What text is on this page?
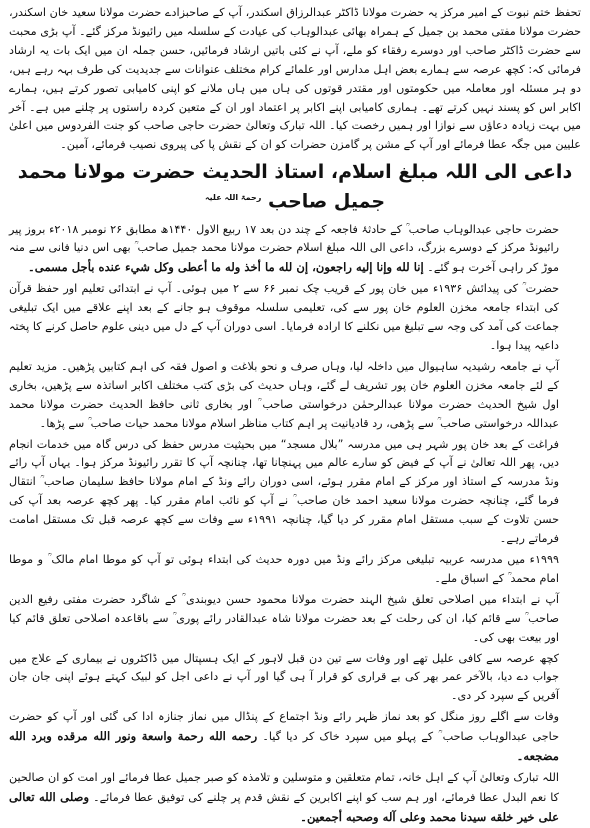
تحفظ ختم نبوت کے امیر مرکز یہ حضرت مولانا ڈاکٹر عبدالرزاق اسکندر، آپ کے صاحبزادے حضرت مولانا سعید خان اسکندر، حضرت مولانا مفتی محمد بن جمیل کے ہمراہ بھائی عبدالوہاب کی عیادت کے سلسلہ میں رائیونڈ مرکز گئے۔ آپ بڑی محبت سے حضرت ڈاکٹر صاحب اور دوسرے رفقاء کو ملے، آپ نے کئی باتیں ارشاد فرمائیں، حسن جملہ ان میں ایک بات یہ ارشاد فرمائی کہ: کچھ عرصہ سے ہمارے بعض اہل مدارس اور علمائے کرام مختلف عنوانات سے جدیدیت کی طرف بہہ رہے ہیں، دو ہر مسئلہ اور معاملہ میں حکومتوں اور مقتدر قوتوں کی ہاں میں ہاں ملانے کو اپنی کامیابی تصور کرتے ہیں، ہمارے اکابر اس کو پسند نہیں کرتے تھے۔ ہماری کامیابی اپنے اکابر پر اعتماد اور ان کے متعین کردہ راستوں پر چلنے میں ہے۔ آخر میں بہت زیادہ دعاؤں سے نوازا اور ہمیں رخصت کیا۔ اللہ تبارک وتعالیٰ حضرت حاجی صاحب کو جنت الفردوس میں اعلیٰ علیین میں جگہ عطا فرمائے اور آپ کے مشن پر گامزن حضرات کو ان کے نقش پا کی پیروی نصیب فرمائے، آمین۔

داعی الی اللہ مبلغ اسلام، استاذ الحدیث حضرت مولانا محمد جمیل صاحب $^{رحمۃ اللہ علیہ}$

حضرت حاجی عبدالوہاب صاحب ؒ کے حادثۂ فاجعہ کے چند دن بعد ۱۷ ربیع الاول ۱۴۴۰ھ مطابق ۲۶ نومبر ۲۰۱۸ء بروز پیر رائیونڈ مرکز کے دوسرے بزرگ، داعی الی اللہ مبلغ اسلام حضرت مولانا محمد جمیل صاحب ؒ بھی اس دنیا فانی سے منہ موڑ کر راہی آخرت ہو گئے۔ إنا لله وإنا إليه راجعون، إن لله ما أخذ وله ما أعطى وكل شيء عنده بأجل مسمى۔

حضرت ؒ کی پیدائش ۱۹۳۶ء میں خان پور کے قریب چک نمبر ۶۶ سے ۲ میں ہوئی۔ آپ نے ابتدائی تعلیم اور حفظ قرآن کی ابتداء جامعہ مخزن العلوم خان پور سے کی، تعلیمی سلسلہ موقوف ہو جانے کے بعد اپنے علاقے میں ایک تبلیغی جماعت کی آمد کی وجہ سے تبلیغ میں نکلنے کا ارادہ فرمایا۔ اسی دوران آپ کے دل میں دینی علوم حاصل کرنے کا پختہ داعیہ پیدا ہوا۔

آپ نے جامعہ رشیدیہ ساہیوال میں داخلہ لیا، وہاں صرف و نحو بلاغت و اصول فقہ کی اہم کتابیں پڑھیں۔ مزید تعلیم کے لئے جامعہ مخزن العلوم خان پور تشریف لے گئے، وہاں حدیث کی بڑی کتب مختلف اکابر اساتذہ سے پڑھیں، بخاری اول شیخ الحدیث حضرت مولانا عبدالرحمٰن درخواستی صاحب ؒ اور بخاری ثانی حافظ الحدیث حضرت مولانا محمد عبداللہ درخواستی صاحب ؒ سے پڑھی، رد قادیانیت پر اہم کتاب مناظر اسلام مولانا محمد حیات صاحب ؒ سے پڑھا۔

فراغت کے بعد خان پور شہر ہی میں مدرسہ ”بلال مسجد“ میں بحیثیت مدرس حفظ کی درس گاہ میں خدمات انجام دیں، پھر اللہ تعالیٰ نے آپ کے فیض کو سارے عالم میں پہنچانا تھا، چنانچہ آپ کا تقرر رائیونڈ مرکز ہوا۔ یہاں آپ رائے ونڈ مدرسہ کے استاذ اور مرکز کے امام مقرر ہوئے، اسی دوران رائے ونڈ کے امام مولانا حافظ سلیمان صاحب ؒ انتقال فرما گئے، چنانچہ حضرت مولانا سعید احمد خان صاحب ؒ نے آپ کو نائب امام مقرر کیا۔ پھر کچھ عرصہ بعد آپ کی حسن تلاوت کے سبب مستقل امام مقرر کر دیا گیا، چنانچہ ۱۹۹۱ء سے وفات سے کچھ عرصہ قبل تک مستقل امامت فرماتے رہے۔

۱۹۹۹ء میں مدرسہ عربیہ تبلیغی مرکز رائے ونڈ میں دورہ حدیث کی ابتداء ہوئی تو آپ کو موطا امام مالک ؒ و موطا امام محمد ؒ کے اسباق ملے۔

آپ نے ابتداء میں اصلاحی تعلق شیخ الہند حضرت مولانا محمود حسن دیوبندی ؒ کے شاگرد حضرت مفتی رفیع الدین صاحب ؒ سے قائم کیا، ان کی رحلت کے بعد حضرت مولانا شاہ عبدالقادر رائے پوری ؒ سے باقاعدہ اصلاحی تعلق قائم کیا اور بیعت بھی کی۔

کچھ عرصہ سے کافی علیل تھے اور وفات سے تین دن قبل لاہور کے ایک ہسپتال میں ڈاکٹروں نے بیماری کے علاج میں جواب دے دیا، بالآخر عمر بھر کی بے قراری کو قرار آ ہی گیا اور آپ نے داعی اجل کو لبیک کہتے ہوئے اپنی جان جان آفریں کے سپرد کر دی۔

وفات سے اگلے روز منگل کو بعد نماز ظہر رائے ونڈ اجتماع کے پنڈال میں نماز جنازہ ادا کی گئی اور آپ کو حضرت حاجی عبدالوہاب صاحب ؒ کے پہلو میں سپرد خاک کر دیا گیا۔ رحمه الله رحمة واسعة ونور الله مرقده وبرد الله مضجعه۔

اللہ تبارک وتعالیٰ آپ کے اہل خانہ، تمام متعلقین و متوسلین و تلامذہ کو صبر جمیل عطا فرمائے اور امت کو ان صالحین کا نعم البدل عطا فرمائے، اور ہم سب کو اپنے اکابرین کے نقش قدم پر چلنے کی توفیق عطا فرمائے۔ وصلى الله تعالى على خير خلقه سيدنا محمد وعلى آله وصحبه أجمعين۔
